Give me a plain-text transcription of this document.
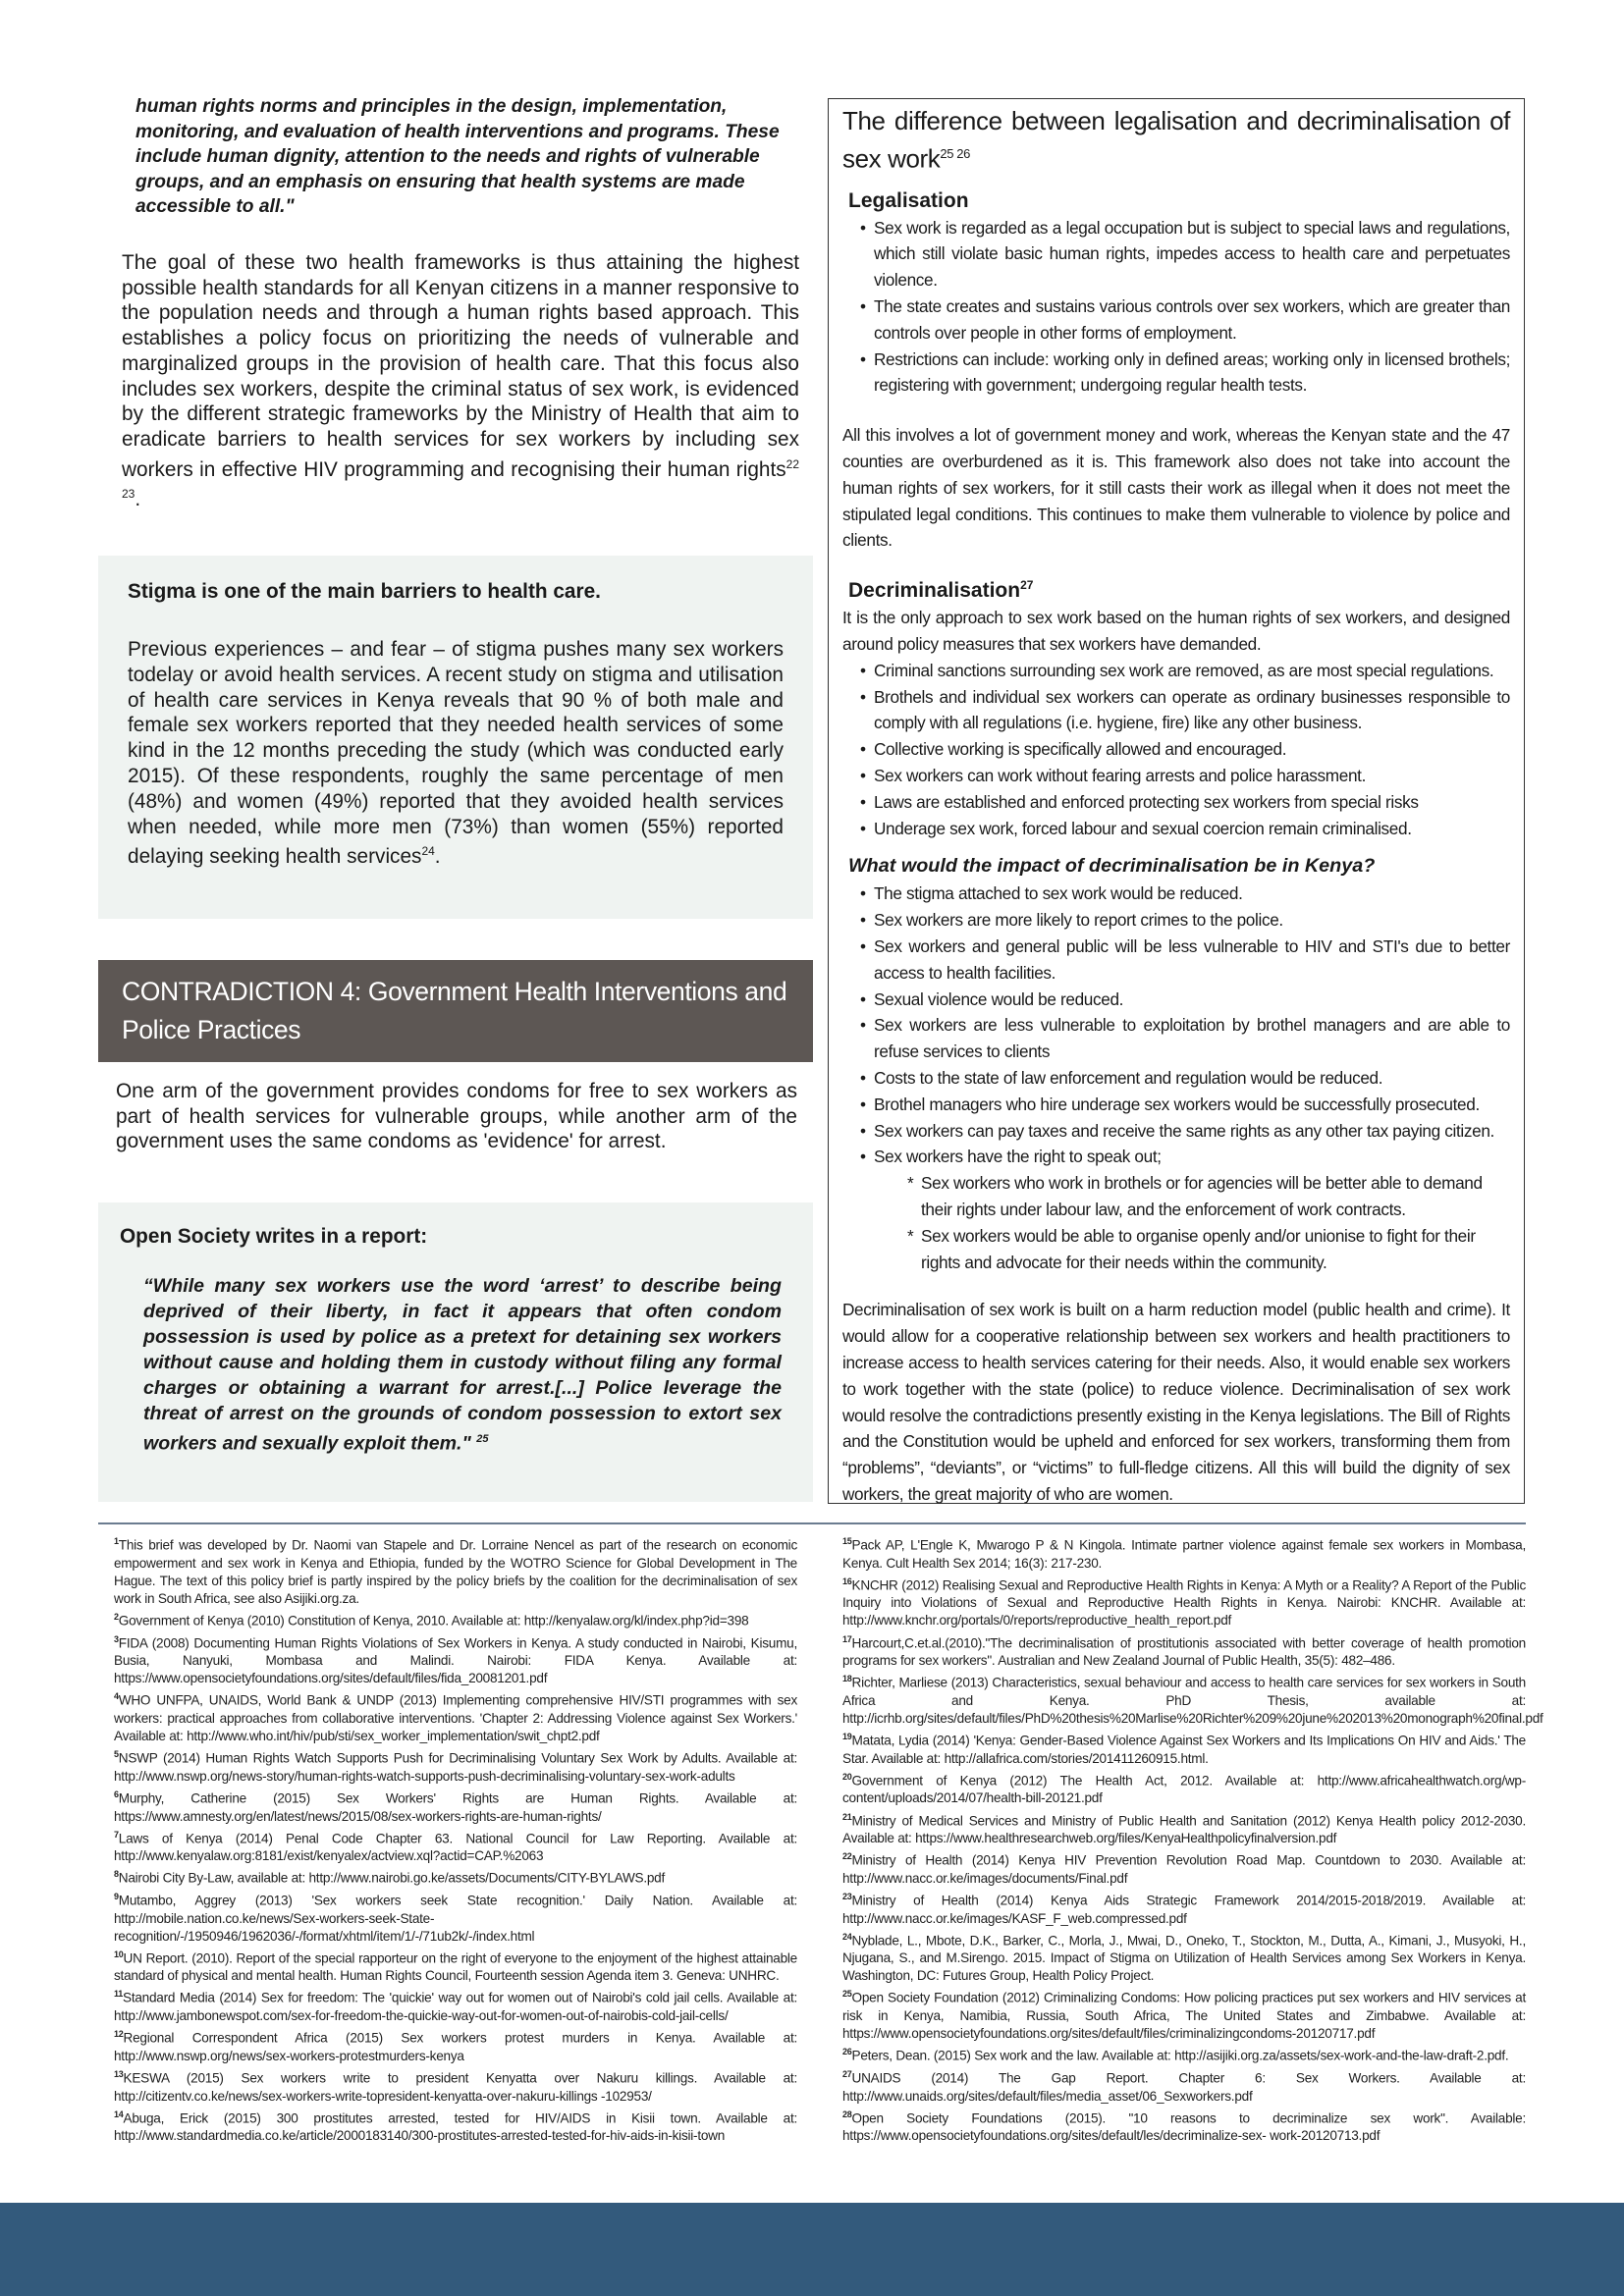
human rights norms and principles in the design, implementation, monitoring, and evaluation of health interventions and programs. These include human dignity, attention to the needs and rights of vulnerable groups, and an emphasis on ensuring that health systems are made accessible to all."

The goal of these two health frameworks is thus attaining the highest possible health standards for all Kenyan citizens in a manner responsive to the population needs and through a human rights based approach. This establishes a policy focus on prioritizing the needs of vulnerable and marginalized groups in the provision of health care. That this focus also includes sex workers, despite the criminal status of sex work, is evidenced by the different strategic frameworks by the Ministry of Health that aim to eradicate barriers to health services for sex workers by including sex workers in effective HIV programming and recognising their human rights$^{22 23}$.

Stigma is one of the main barriers to health care.

Previous experiences – and fear – of stigma pushes many sex workers todelay or avoid health services. A recent study on stigma and utilisation of health care services in Kenya reveals that 90 % of both male and female sex workers reported that they needed health services of some kind in the 12 months preceding the study (which was conducted early 2015). Of these respondents, roughly the same percentage of men (48%) and women (49%) reported that they avoided health services when needed, while more men (73%) than women (55%) reported delaying seeking health services$^{24}$.

CONTRADICTION 4: Government Health Interventions and Police Practices

One arm of the government provides condoms for free to sex workers as part of health services for vulnerable groups, while another arm of the government uses the same condoms as 'evidence' for arrest.

Open Society writes in a report:

“While many sex workers use the word ‘arrest’ to describe being deprived of their liberty, in fact it appears that often condom possession is used by police as a pretext for detaining sex workers without cause and holding them in custody without filing any formal charges or obtaining a warrant for arrest.[...] Police leverage the threat of arrest on the grounds of condom possession to extort sex workers and sexually exploit them." $^{25}$

The difference between legalisation and decriminalisation of sex work$^{25 26}$
Legalisation
• Sex work is regarded as a legal occupation but is subject to special laws and regulations, which still violate basic human rights, impedes access to health care and perpetuates violence.
• The state creates and sustains various controls over sex workers, which are greater than controls over people in other forms of employment.
• Restrictions can include: working only in defined areas; working only in licensed brothels; registering with government; undergoing regular health tests.

All this involves a lot of government money and work, whereas the Kenyan state and the 47 counties are overburdened as it is. This framework also does not take into account the human rights of sex workers, for it still casts their work as illegal when it does not meet the stipulated legal conditions. This continues to make them vulnerable to violence by police and clients.

Decriminalisation$^{27}$

It is the only approach to sex work based on the human rights of sex workers, and designed around policy measures that sex workers have demanded.

• Criminal sanctions surrounding sex work are removed, as are most special regulations.
• Brothels and individual sex workers can operate as ordinary businesses responsible to comply with all regulations (i.e. hygiene, fire) like any other business.
• Collective working is specifically allowed and encouraged.
• Sex workers can work without fearing arrests and police harassment.
• Laws are established and enforced protecting sex workers from special risks
• Underage sex work, forced labour and sexual coercion remain criminalised.
What would the impact of decriminalisation be in Kenya?
• The stigma attached to sex work would be reduced.
• Sex workers are more likely to report crimes to the police.
• Sex workers and general public will be less vulnerable to HIV and STI's due to better access to health facilities.
• Sexual violence would be reduced.
• Sex workers are less vulnerable to exploitation by brothel managers and are able to refuse services to clients
• Costs to the state of law enforcement and regulation would be reduced.
• Brothel managers who hire underage sex workers would be successfully prosecuted.
• Sex workers can pay taxes and receive the same rights as any other tax paying citizen.
• Sex workers have the right to speak out;
* Sex workers who work in brothels or for agencies will be better able to demand their rights under labour law, and the enforcement of work contracts.
* Sex workers would be able to organise openly and/or unionise to fight for their rights and advocate for their needs within the community.

Decriminalisation of sex work is built on a harm reduction model (public health and crime). It would allow for a cooperative relationship between sex workers and health practitioners to increase access to health services catering for their needs. Also, it would enable sex workers to work together with the state (police) to reduce violence. Decriminalisation of sex work would resolve the contradictions presently existing in the Kenya legislations. The Bill of Rights and the Constitution would be upheld and enforced for sex workers, transforming them from “problems”, “deviants”, or “victims” to full-fledge citizens. All this will build the dignity of sex workers, the great majority of who are women.

$^1$This brief was developed by Dr. Naomi van Stapele and Dr. Lorraine Nencel as part of the research on economic empowerment and sex work in Kenya and Ethiopia, funded by the WOTRO Science for Global Development in The Hague. The text of this policy brief is partly inspired by the policy briefs by the coalition for the decriminalisation of sex work in South Africa, see also Asijiki.org.za.

$^2$Government of Kenya (2010) Constitution of Kenya, 2010. Available at: http://kenyalaw.org/kl/index.php?id=398

$^3$FIDA (2008) Documenting Human Rights Violations of Sex Workers in Kenya. A study conducted in Nairobi, Kisumu, Busia, Nanyuki, Mombasa and Malindi. Nairobi: FIDA Kenya. Available at: https://www.opensocietyfoundations.org/sites/default/files/fida_20081201.pdf

$^4$WHO UNFPA, UNAIDS, World Bank & UNDP (2013) Implementing comprehensive HIV/STI programmes with sex workers: practical approaches from collaborative interventions. 'Chapter 2: Addressing Violence against Sex Workers.' Available at: http://www.who.int/hiv/pub/sti/sex_worker_implementation/swit_chpt2.pdf

$^5$NSWP (2014) Human Rights Watch Supports Push for Decriminalising Voluntary Sex Work by Adults. Available at: http://www.nswp.org/news-story/human-rights-watch-supports-push-decriminalising-voluntary-sex-work-adults

$^6$Murphy, Catherine (2015) Sex Workers' Rights are Human Rights. Available at: https://www.amnesty.org/en/latest/news/2015/08/sex-workers-rights-are-human-rights/

$^7$Laws of Kenya (2014) Penal Code Chapter 63. National Council for Law Reporting. Available at: http://www.kenyalaw.org:8181/exist/kenyalex/actview.xql?actid=CAP.%2063

$^8$Nairobi City By-Law, available at: http://www.nairobi.go.ke/assets/Documents/CITY-BYLAWS.pdf

$^9$Mutambo, Aggrey (2013) 'Sex workers seek State recognition.' Daily Nation. Available at: http://mobile.nation.co.ke/news/Sex-workers-seek-State-recognition/-/1950946/1962036/-/format/xhtml/item/1/-/71ub2k/-/index.html

$^{10}$UN Report. (2010). Report of the special rapporteur on the right of everyone to the enjoyment of the highest attainable standard of physical and mental health. Human Rights Council, Fourteenth session Agenda item 3. Geneva: UNHRC.

$^{11}$Standard Media (2014) Sex for freedom: The 'quickie' way out for women out of Nairobi's cold jail cells. Available at: http://www.jambonewspot.com/sex-for-freedom-the-quickie-way-out-for-women-out-of-nairobis-cold-jail-cells/

$^{12}$Regional Correspondent Africa (2015) Sex workers protest murders in Kenya. Available at: http://www.nswp.org/news/sex-workers-protestmurders-kenya

$^{13}$KESWA (2015) Sex workers write to president Kenyatta over Nakuru killings. Available at: http://citizentv.co.ke/news/sex-workers-write-topresident-kenyatta-over-nakuru-killings -102953/

$^{14}$Abuga, Erick (2015) 300 prostitutes arrested, tested for HIV/AIDS in Kisii town. Available at: http://www.standardmedia.co.ke/article/2000183140/300-prostitutes-arrested-tested-for-hiv-aids-in-kisii-town

$^{15}$Pack AP, L'Engle K, Mwarogo P & N Kingola. Intimate partner violence against female sex workers in Mombasa, Kenya. Cult Health Sex 2014; 16(3): 217-230.

$^{16}$KNCHR (2012) Realising Sexual and Reproductive Health Rights in Kenya: A Myth or a Reality? A Report of the Public Inquiry into Violations of Sexual and Reproductive Health Rights in Kenya. Nairobi: KNCHR. Available at: http://www.knchr.org/portals/0/reports/reproductive_health_report.pdf

$^{17}$Harcourt,C.et.al.(2010)."The decriminalisation of prostitutionis associated with better coverage of health promotion programs for sex workers". Australian and New Zealand Journal of Public Health, 35(5): 482–486.

$^{18}$Richter, Marliese (2013) Characteristics, sexual behaviour and access to health care services for sex workers in South Africa and Kenya. PhD Thesis, available at: http://icrhb.org/sites/default/files/PhD%20thesis%20Marlise%20Richter%209%20june%202013%20monograph%20final.pdf

$^{19}$Matata, Lydia (2014) 'Kenya: Gender-Based Violence Against Sex Workers and Its Implications On HIV and Aids.' The Star. Available at: http://allafrica.com/stories/201411260915.html.

$^{20}$Government of Kenya (2012) The Health Act, 2012. Available at: http://www.africahealthwatch.org/wp-content/uploads/2014/07/health-bill-20121.pdf

$^{21}$Ministry of Medical Services and Ministry of Public Health and Sanitation (2012) Kenya Health policy 2012-2030. Available at: https://www.healthresearchweb.org/files/KenyaHealthpolicyfinalversion.pdf

$^{22}$Ministry of Health (2014) Kenya HIV Prevention Revolution Road Map. Countdown to 2030. Available at: http://www.nacc.or.ke/images/documents/Final.pdf

$^{23}$Ministry of Health (2014) Kenya Aids Strategic Framework 2014/2015-2018/2019. Available at: http://www.nacc.or.ke/images/KASF_F_web.compressed.pdf

$^{24}$Nyblade, L., Mbote, D.K., Barker, C., Morla, J., Mwai, D., Oneko, T., Stockton, M., Dutta, A., Kimani, J., Musyoki, H., Njugana, S., and M.Sirengo. 2015. Impact of Stigma on Utilization of Health Services among Sex Workers in Kenya. Washington, DC: Futures Group, Health Policy Project.

$^{25}$Open Society Foundation (2012) Criminalizing Condoms: How policing practices put sex workers and HIV services at risk in Kenya, Namibia, Russia, South Africa, The United States and Zimbabwe. Available at: https://www.opensocietyfoundations.org/sites/default/files/criminalizingcondoms-20120717.pdf

$^{26}$Peters, Dean. (2015) Sex work and the law. Available at: http://asijiki.org.za/assets/sex-work-and-the-law-draft-2.pdf.

$^{27}$UNAIDS (2014) The Gap Report. Chapter 6: Sex Workers. Available at: http://www.unaids.org/sites/default/files/media_asset/06_Sexworkers.pdf

$^{28}$Open Society Foundations (2015). "10 reasons to decriminalize sex work". Available: https://www.opensocietyfoundations.org/sites/default/les/decriminalize-sex- work-20120713.pdf
